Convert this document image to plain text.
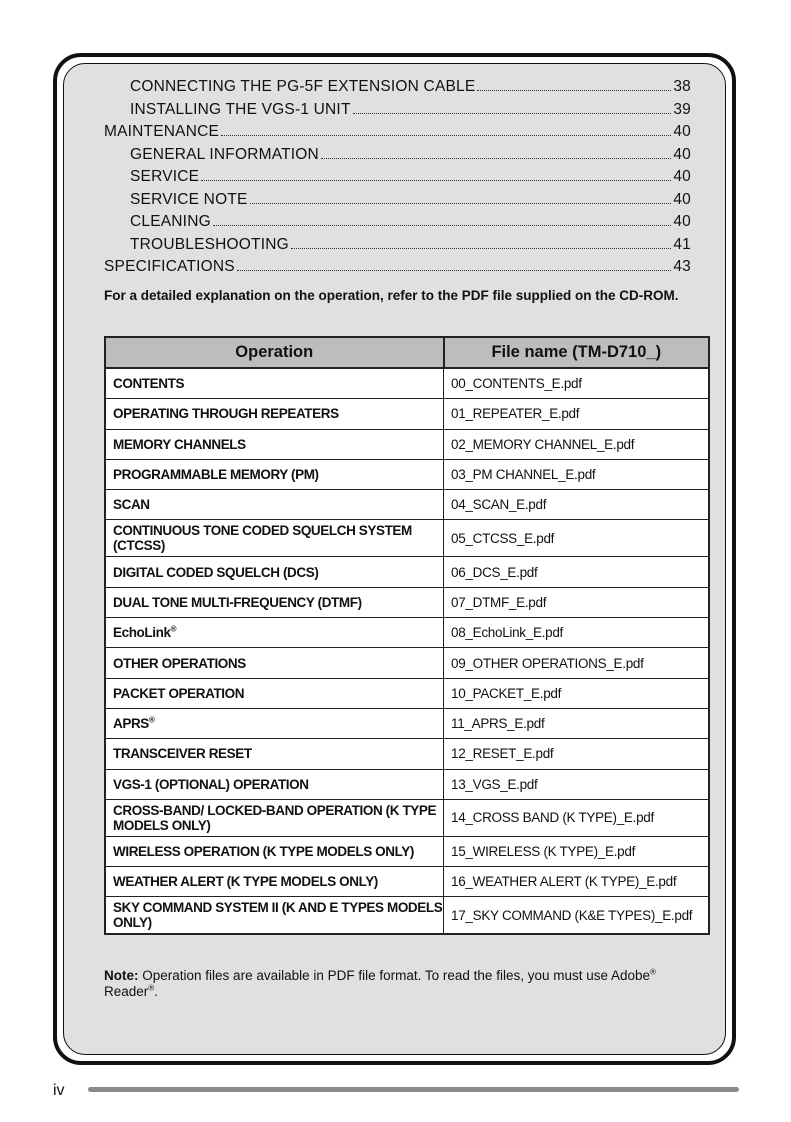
CONNECTING THE PG-5F EXTENSION CABLE	38
INSTALLING THE VGS-1 UNIT	39
MAINTENANCE	40
GENERAL INFORMATION	40
SERVICE	40
SERVICE NOTE	40
CLEANING	40
TROUBLESHOOTING	41
SPECIFICATIONS	43
For a detailed explanation on the operation, refer to the PDF file supplied on the CD-ROM.
Operation	File name (TM-D710_)
CONTENTS	00_CONTENTS_E.pdf
OPERATING THROUGH REPEATERS	01_REPEATER_E.pdf
MEMORY CHANNELS	02_MEMORY CHANNEL_E.pdf
PROGRAMMABLE MEMORY (PM)	03_PM CHANNEL_E.pdf
SCAN	04_SCAN_E.pdf
CONTINUOUS TONE CODED SQUELCH SYSTEM (CTCSS)	05_CTCSS_E.pdf
DIGITAL CODED SQUELCH (DCS)	06_DCS_E.pdf
DUAL TONE MULTI-FREQUENCY (DTMF)	07_DTMF_E.pdf
EchoLink®	08_EchoLink_E.pdf
OTHER OPERATIONS	09_OTHER OPERATIONS_E.pdf
PACKET OPERATION	10_PACKET_E.pdf
APRS®	11_APRS_E.pdf
TRANSCEIVER RESET	12_RESET_E.pdf
VGS-1 (OPTIONAL) OPERATION	13_VGS_E.pdf
CROSS-BAND/ LOCKED-BAND OPERATION (K TYPE MODELS ONLY)	14_CROSS BAND (K TYPE)_E.pdf
WIRELESS OPERATION (K TYPE MODELS ONLY)	15_WIRELESS (K TYPE)_E.pdf
WEATHER ALERT (K TYPE MODELS ONLY)	16_WEATHER ALERT (K TYPE)_E.pdf
SKY COMMAND SYSTEM II (K AND E TYPES MODELS ONLY)	17_SKY COMMAND (K&E TYPES)_E.pdf
Note: Operation files are available in PDF file format. To read the files, you must use Adobe® Reader®.
iv
